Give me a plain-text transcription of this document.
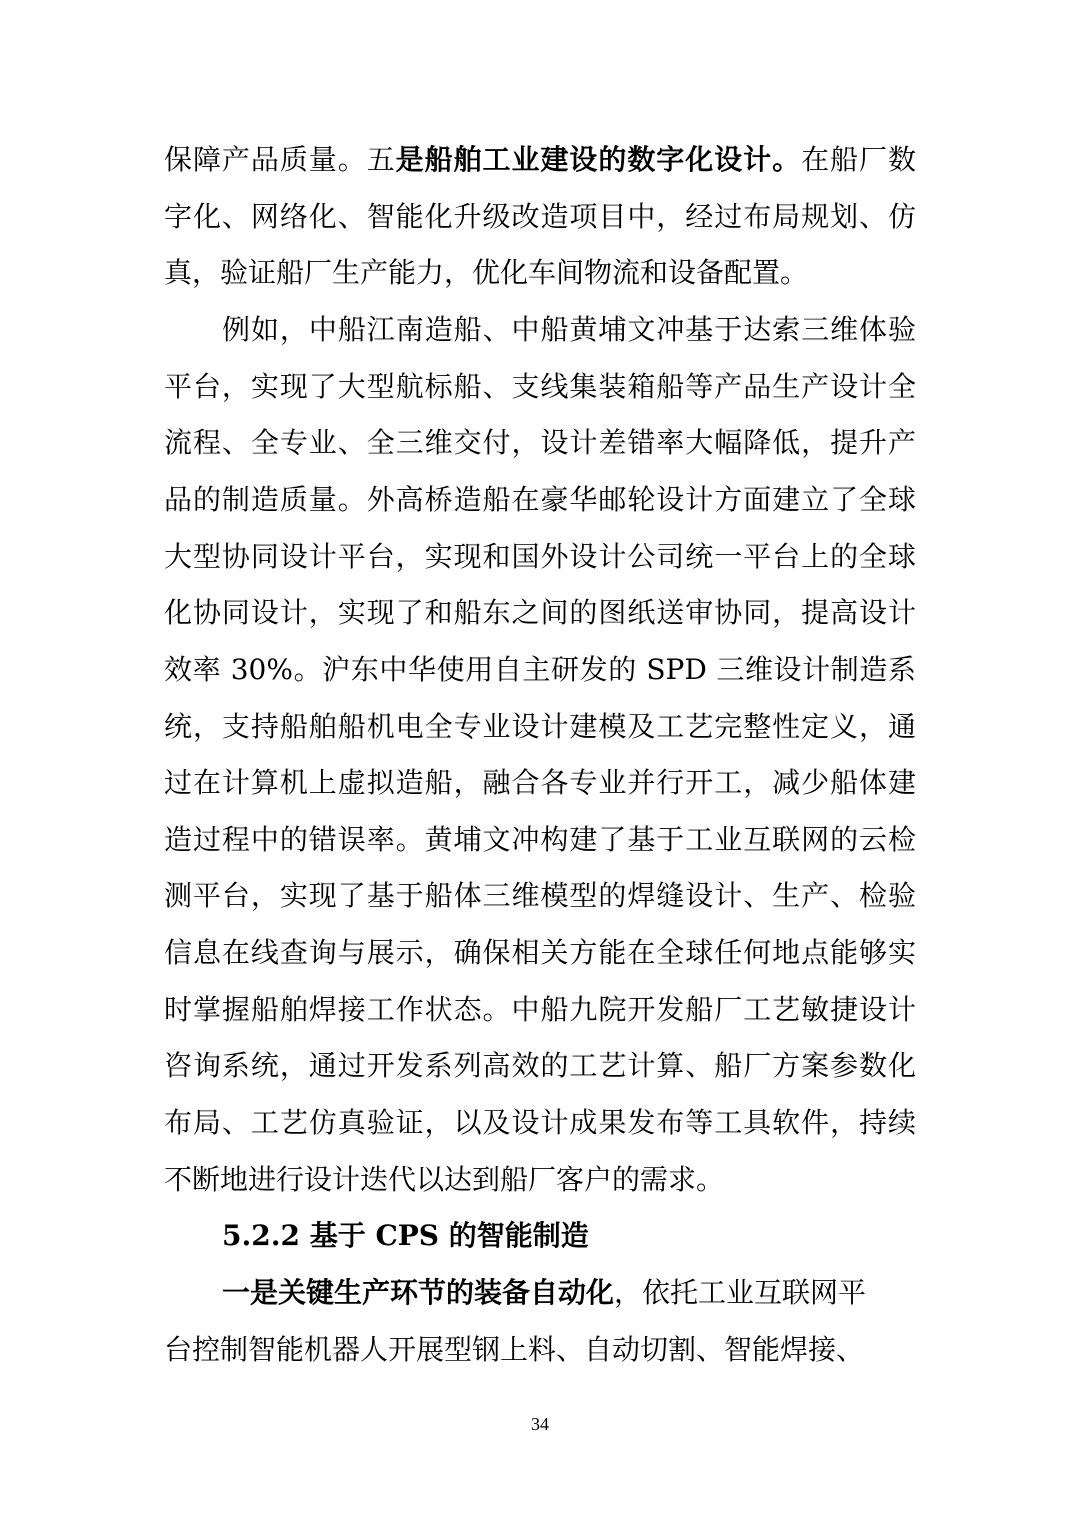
保障产品质量。五是船舶工业建设的数字化设计。在船厂数
字化、网络化、智能化升级改造项目中，经过布局规划、仿
真，验证船厂生产能力，优化车间物流和设备配置。
例如，中船江南造船、中船黄埔文冲基于达索三维体验
平台，实现了大型航标船、支线集装箱船等产品生产设计全
流程、全专业、全三维交付，设计差错率大幅降低，提升产
品的制造质量。外高桥造船在豪华邮轮设计方面建立了全球
大型协同设计平台，实现和国外设计公司统一平台上的全球
化协同设计，实现了和船东之间的图纸送审协同，提高设计
效率 30%。沪东中华使用自主研发的 SPD 三维设计制造系
统，支持船舶船机电全专业设计建模及工艺完整性定义，通
过在计算机上虚拟造船，融合各专业并行开工，减少船体建
造过程中的错误率。黄埔文冲构建了基于工业互联网的云检
测平台，实现了基于船体三维模型的焊缝设计、生产、检验
信息在线查询与展示，确保相关方能在全球任何地点能够实
时掌握船舶焊接工作状态。中船九院开发船厂工艺敏捷设计
咨询系统，通过开发系列高效的工艺计算、船厂方案参数化
布局、工艺仿真验证，以及设计成果发布等工具软件，持续
不断地进行设计迭代以达到船厂客户的需求。
5.2.2 基于 CPS 的智能制造
一是关键生产环节的装备自动化，依托工业互联网平
台控制智能机器人开展型钢上料、自动切割、智能焊接、
34
